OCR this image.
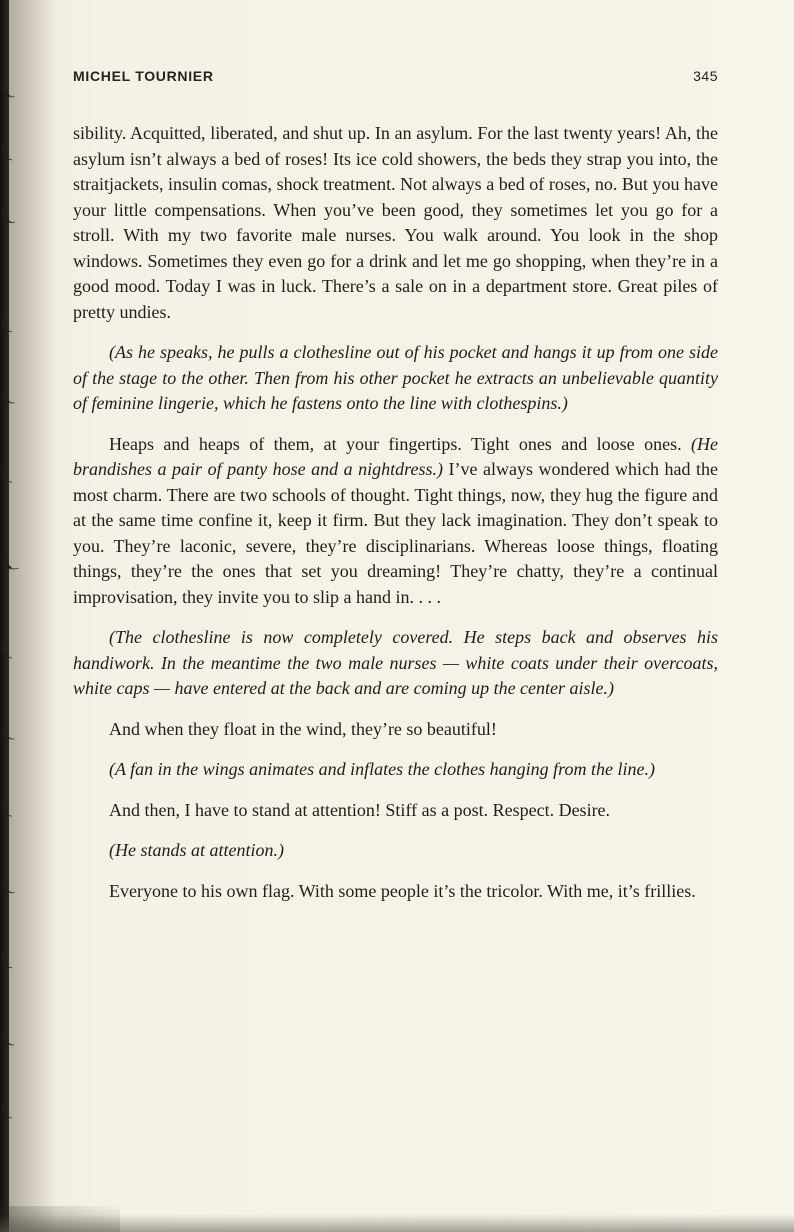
MICHEL TOURNIER	345

sibility. Acquitted, liberated, and shut up. In an asylum. For the last twenty years! Ah, the asylum isn’t always a bed of roses! Its ice cold showers, the beds they strap you into, the straitjackets, insulin comas, shock treatment. Not always a bed of roses, no. But you have your little compensations. When you’ve been good, they sometimes let you go for a stroll. With my two favorite male nurses. You walk around. You look in the shop windows. Sometimes they even go for a drink and let me go shopping, when they’re in a good mood. Today I was in luck. There’s a sale on in a department store. Great piles of pretty undies.

(As he speaks, he pulls a clothesline out of his pocket and hangs it up from one side of the stage to the other. Then from his other pocket he extracts an unbelievable quantity of feminine lingerie, which he fastens onto the line with clothespins.)

Heaps and heaps of them, at your fingertips. Tight ones and loose ones. (He brandishes a pair of panty hose and a nightdress.) I’ve always wondered which had the most charm. There are two schools of thought. Tight things, now, they hug the figure and at the same time confine it, keep it firm. But they lack imagination. They don’t speak to you. They’re laconic, severe, they’re disciplinarians. Whereas loose things, floating things, they’re the ones that set you dreaming! They’re chatty, they’re a continual improvisation, they invite you to slip a hand in. . . .

(The clothesline is now completely covered. He steps back and observes his handiwork. In the meantime the two male nurses — white coats under their overcoats, white caps — have entered at the back and are coming up the center aisle.)

And when they float in the wind, they’re so beautiful!

(A fan in the wings animates and inflates the clothes hanging from the line.)

And then, I have to stand at attention! Stiff as a post. Respect. Desire.

(He stands at attention.)

Everyone to his own flag. With some people it’s the tricolor. With me, it’s frillies.
